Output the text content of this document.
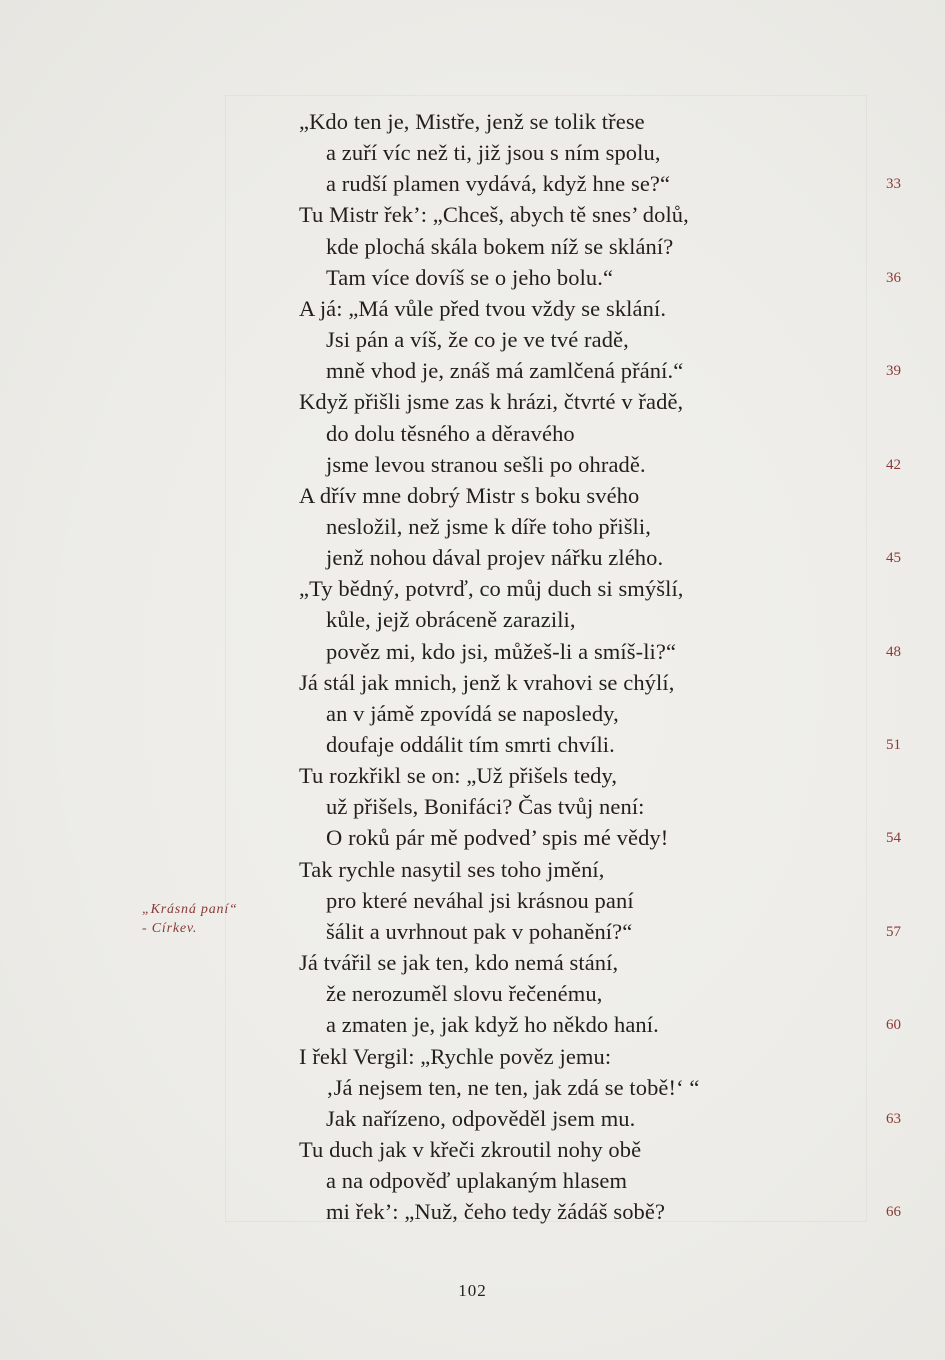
„Kdo ten je, Mistře, jenž se tolik třese
a zuří víc než ti, již jsou s ním spolu,
a rudší plamen vydává, když hne se?“	33
Tu Mistr řek’: „Chceš, abych tě snes’ dolů,
kde plochá skála bokem níž se sklání?
Tam více dovíš se o jeho bolu.“	36
A já: „Má vůle před tvou vždy se sklání.
Jsi pán a víš, že co je ve tvé radě,
mně vhod je, znáš má zamlčená přání.“	39
Když přišli jsme zas k hrázi, čtvrté v řadě,
do dolu těsného a děravého
jsme levou stranou sešli po ohradě.	42
A dřív mne dobrý Mistr s boku svého
nesložil, než jsme k díře toho přišli,
jenž nohou dával projev nářku zlého.	45
„Ty bědný, potvrď, co můj duch si smýšlí,
kůle, jejž obráceně zarazili,
pověz mi, kdo jsi, můžeš-li a smíš-li?“	48
Já stál jak mnich, jenž k vrahovi se chýlí,
an v jámě zpovídá se naposledy,
doufaje oddálit tím smrti chvíli.	51
Tu rozkřikl se on: „Už přišels tedy,
už přišels, Bonifáci? Čas tvůj není:
O roků pár mě podved’ spis mé vědy!	54
Tak rychle nasytil ses toho jmění,
pro které neváhal jsi krásnou paní
šálit a uvrhnout pak v pohanění?“	57
Já tvářil se jak ten, kdo nemá stání,
že nerozuměl slovu řečenému,
a zmaten je, jak když ho někdo haní.	60
I řekl Vergil: „Rychle pověz jemu:
‚Já nejsem ten, ne ten, jak zdá se tobě!‘ “
Jak nařízeno, odpověděl jsem mu.	63
Tu duch jak v křeči zkroutil nohy obě
a na odpověď uplakaným hlasem
mi řek’: „Nuž, čeho tedy žádáš sobě?	66
„Krásná paní“
- Církev.
102
